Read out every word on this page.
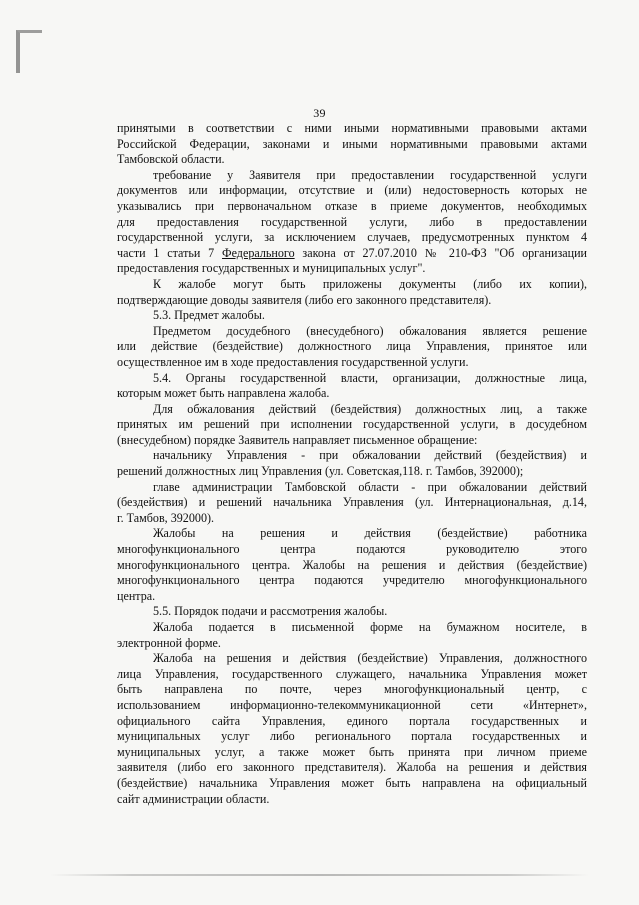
39
принятыми в соответствии с ними иными нормативными правовыми актами
Российской Федерации, законами и иными нормативными правовыми актами
Тамбовской области.
требование у Заявителя при предоставлении государственной услуги
документов или информации, отсутствие и (или) недостоверность которых не
указывались при первоначальном отказе в приеме документов, необходимых
для предоставления государственной услуги, либо в предоставлении
государственной услуги, за исключением случаев, предусмотренных пунктом 4
части 1 статьи 7 Федерального закона от 27.07.2010 № 210-ФЗ "Об организации
предоставления государственных и муниципальных услуг".
К жалобе могут быть приложены документы (либо их копии),
подтверждающие доводы заявителя (либо его законного представителя).
5.3. Предмет жалобы.
Предметом досудебного (внесудебного) обжалования является решение
или действие (бездействие) должностного лица Управления, принятое или
осуществленное им в ходе предоставления государственной услуги.
5.4. Органы государственной власти, организации, должностные лица,
которым может быть направлена жалоба.
Для обжалования действий (бездействия) должностных лиц, а также
принятых им решений при исполнении государственной услуги, в досудебном
(внесудебном) порядке Заявитель направляет письменное обращение:
начальнику Управления - при обжаловании действий (бездействия) и
решений должностных лиц Управления (ул. Советская,118. г. Тамбов, 392000);
главе администрации Тамбовской области - при обжаловании действий
(бездействия) и решений начальника Управления (ул. Интернациональная, д.14,
г. Тамбов, 392000).
Жалобы на решения и действия (бездействие) работника
многофункционального центра подаются руководителю этого
многофункционального центра. Жалобы на решения и действия (бездействие)
многофункционального центра подаются учредителю многофункционального
центра.
5.5. Порядок подачи и рассмотрения жалобы.
Жалоба подается в письменной форме на бумажном носителе, в
электронной форме.
Жалоба на решения и действия (бездействие) Управления, должностного
лица Управления, государственного служащего, начальника Управления может
быть направлена по почте, через многофункциональный центр, с
использованием информационно-телекоммуникационной сети «Интернет»,
официального сайта Управления, единого портала государственных и
муниципальных услуг либо регионального портала государственных и
муниципальных услуг, а также может быть принята при личном приеме
заявителя (либо его законного представителя). Жалоба на решения и действия
(бездействие) начальника Управления может быть направлена на официальный
сайт администрации области.
